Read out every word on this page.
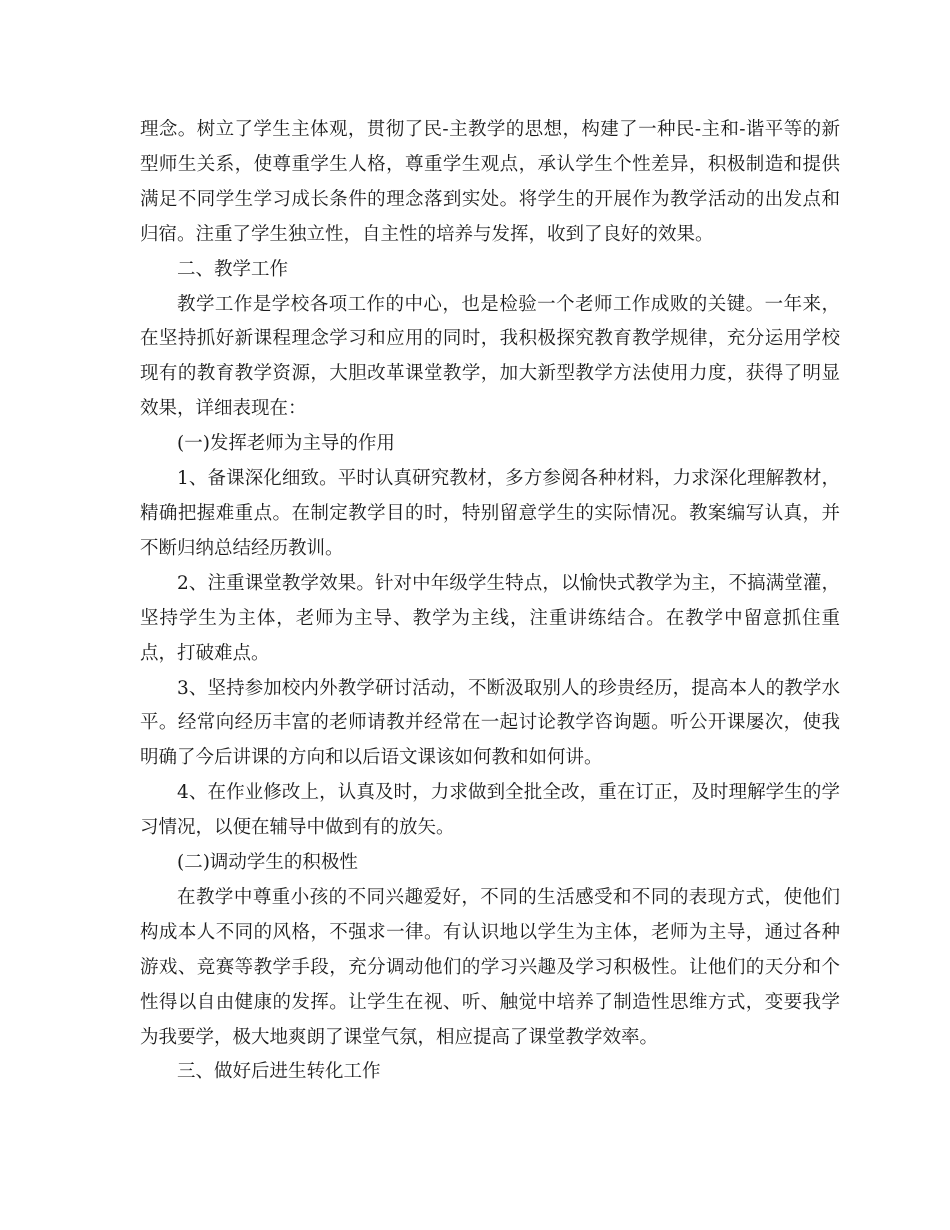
理念。树立了学生主体观，贯彻了民-主教学的思想，构建了一种民-主和-谐平等的新型师生关系，使尊重学生人格，尊重学生观点，承认学生个性差异，积极制造和提供满足不同学生学习成长条件的理念落到实处。将学生的开展作为教学活动的出发点和归宿。注重了学生独立性，自主性的培养与发挥，收到了良好的效果。

二、教学工作

教学工作是学校各项工作的中心，也是检验一个老师工作成败的关键。一年来，在坚持抓好新课程理念学习和应用的同时，我积极探究教育教学规律，充分运用学校现有的教育教学资源，大胆改革课堂教学，加大新型教学方法使用力度，获得了明显效果，详细表现在：

(一)发挥老师为主导的作用

1、备课深化细致。平时认真研究教材，多方参阅各种材料，力求深化理解教材，精确把握难重点。在制定教学目的时，特别留意学生的实际情况。教案编写认真，并不断归纳总结经历教训。

2、注重课堂教学效果。针对中年级学生特点，以愉快式教学为主，不搞满堂灌，坚持学生为主体，老师为主导、教学为主线，注重讲练结合。在教学中留意抓住重点，打破难点。

3、坚持参加校内外教学研讨活动，不断汲取别人的珍贵经历，提高本人的教学水平。经常向经历丰富的老师请教并经常在一起讨论教学咨询题。听公开课屡次，使我明确了今后讲课的方向和以后语文课该如何教和如何讲。

4、在作业修改上，认真及时，力求做到全批全改，重在订正，及时理解学生的学习情况，以便在辅导中做到有的放矢。

(二)调动学生的积极性

在教学中尊重小孩的不同兴趣爱好，不同的生活感受和不同的表现方式，使他们构成本人不同的风格，不强求一律。有认识地以学生为主体，老师为主导，通过各种游戏、竞赛等教学手段，充分调动他们的学习兴趣及学习积极性。让他们的天分和个性得以自由健康的发挥。让学生在视、听、触觉中培养了制造性思维方式，变要我学为我要学，极大地爽朗了课堂气氛，相应提高了课堂教学效率。

三、做好后进生转化工作
